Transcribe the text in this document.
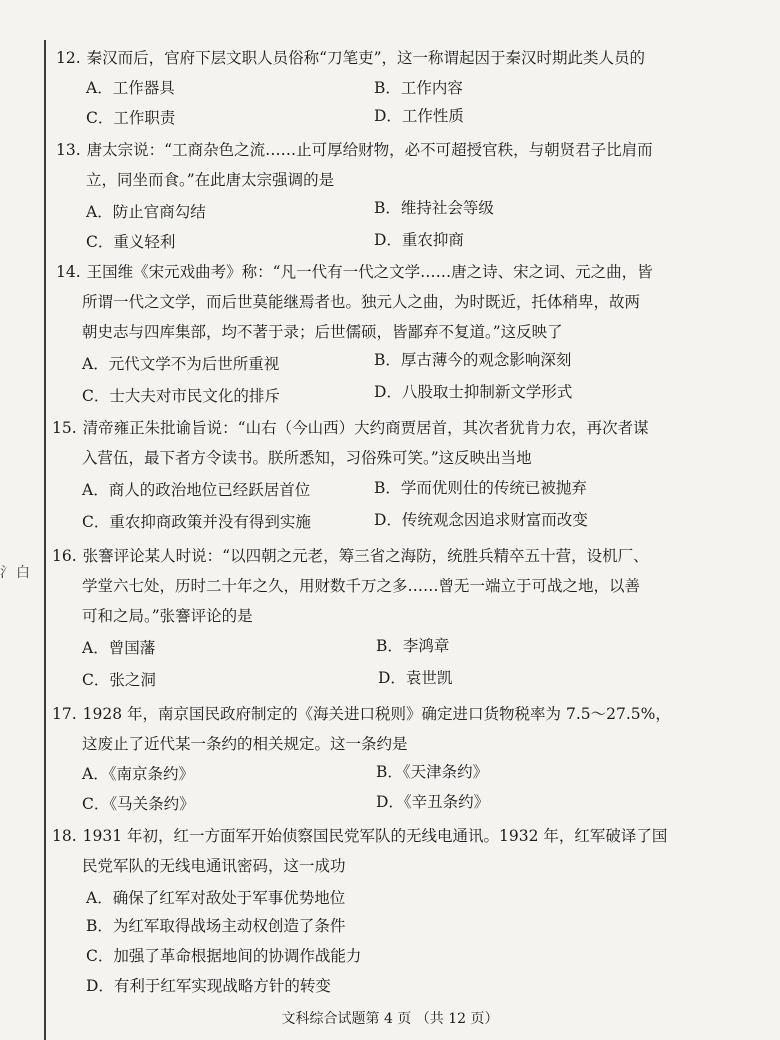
氵白
12. 秦汉而后，官府下层文职人员俗称“刀笔吏”，这一称谓起因于秦汉时期此类人员的
A．工作器具	B．工作内容
C．工作职责	D．工作性质
13. 唐太宗说：“工商杂色之流……止可厚给财物，必不可超授官秩，与朝贤君子比肩而
立，同坐而食。”在此唐太宗强调的是
A．防止官商勾结	B．维持社会等级
C．重义轻利	D．重农抑商
14. 王国维《宋元戏曲考》称：“凡一代有一代之文学……唐之诗、宋之词、元之曲，皆
所谓一代之文学，而后世莫能继焉者也。独元人之曲，为时既近，托体稍卑，故两
朝史志与四库集部，均不著于录；后世儒硕，皆鄙弃不复道。”这反映了
A．元代文学不为后世所重视	B．厚古薄今的观念影响深刻
C．士大夫对市民文化的排斥	D．八股取士抑制新文学形式
15. 清帝雍正朱批谕旨说：“山右（今山西）大约商贾居首，其次者犹肯力农，再次者谋
入营伍，最下者方令读书。朕所悉知，习俗殊可笑。”这反映出当地
A．商人的政治地位已经跃居首位	B．学而优则仕的传统已被抛弃
C．重农抑商政策并没有得到实施	D．传统观念因追求财富而改变
16. 张謇评论某人时说：“以四朝之元老，筹三省之海防，统胜兵精卒五十营，设机厂、
学堂六七处，历时二十年之久，用财数千万之多……曾无一端立于可战之地，以善
可和之局。”张謇评论的是
A．曾国藩	B．李鸿章
C．张之洞	D．袁世凯
17. 1928 年，南京国民政府制定的《海关进口税则》确定进口货物税率为 7.5～27.5%，
这废止了近代某一条约的相关规定。这一条约是
A．《南京条约》	B．《天津条约》
C．《马关条约》	D．《辛丑条约》
18. 1931 年初，红一方面军开始侦察国民党军队的无线电通讯。1932 年，红军破译了国
民党军队的无线电通讯密码，这一成功
A．确保了红军对敌处于军事优势地位
B．为红军取得战场主动权创造了条件
C．加强了革命根据地间的协调作战能力
D．有利于红军实现战略方针的转变
文科综合试题第 4 页 （共 12 页）
